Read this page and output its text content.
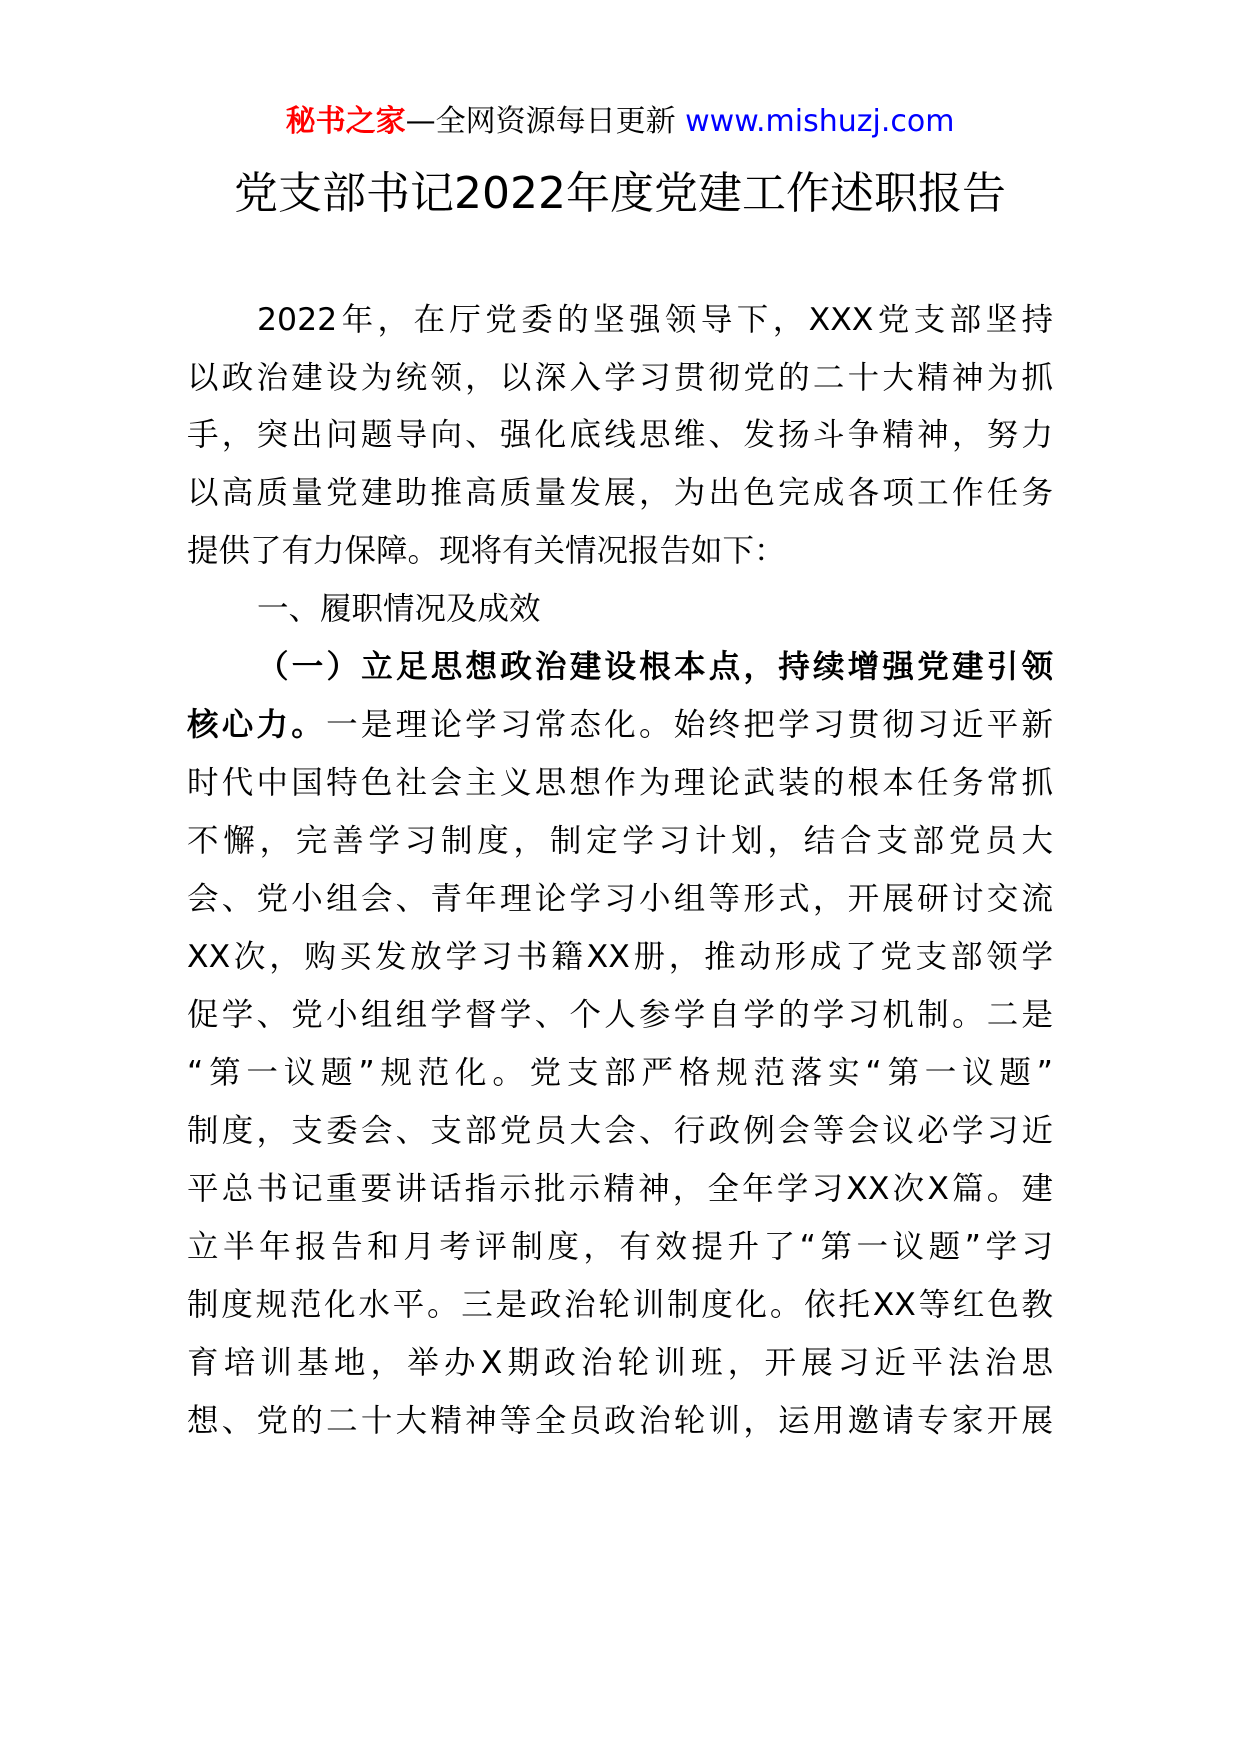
秘书之家—全网资源每日更新 www.mishuzj.com
党支部书记2022年度党建工作述职报告
2022年，在厅党委的坚强领导下，XXX党支部坚持
以政治建设为统领，以深入学习贯彻党的二十大精神为抓
手，突出问题导向、强化底线思维、发扬斗争精神，努力
以高质量党建助推高质量发展，为出色完成各项工作任务
提供了有力保障。现将有关情况报告如下：
一、履职情况及成效
（一）立足思想政治建设根本点，持续增强党建引领
核心力。一是理论学习常态化。始终把学习贯彻习近平新
时代中国特色社会主义思想作为理论武装的根本任务常抓
不懈，完善学习制度，制定学习计划，结合支部党员大
会、党小组会、青年理论学习小组等形式，开展研讨交流
XX次，购买发放学习书籍XX册，推动形成了党支部领学
促学、党小组组学督学、个人参学自学的学习机制。二是
“第一议题”规范化。党支部严格规范落实“第一议题”
制度，支委会、支部党员大会、行政例会等会议必学习近
平总书记重要讲话指示批示精神，全年学习XX次X篇。建
立半年报告和月考评制度，有效提升了“第一议题”学习
制度规范化水平。三是政治轮训制度化。依托XX等红色教
育培训基地，举办X期政治轮训班，开展习近平法治思
想、党的二十大精神等全员政治轮训，运用邀请专家开展
